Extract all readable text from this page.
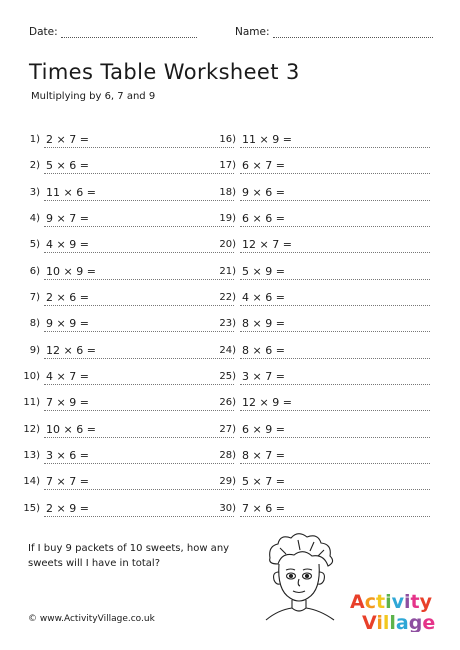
Date:	Name:
Times Table Worksheet 3
Multiplying by 6, 7 and 9
1) 2 × 7 =
2) 5 × 6 =
3) 11 × 6 =
4) 9 × 7 =
5) 4 × 9 =
6) 10 × 9 =
7) 2 × 6 =
8) 9 × 9 =
9) 12 × 6 =
10) 4 × 7 =
11) 7 × 9 =
12) 10 × 6 =
13) 3 × 6 =
14) 7 × 7 =
15) 2 × 9 =
16) 11 × 9 =
17) 6 × 7 =
18) 9 × 6 =
19) 6 × 6 =
20) 12 × 7 =
21) 5 × 9 =
22) 4 × 6 =
23) 8 × 9 =
24) 8 × 6 =
25) 3 × 7 =
26) 12 × 9 =
27) 6 × 9 =
28) 8 × 7 =
29) 5 × 7 =
30) 7 × 6 =
If I buy 9 packets of 10 sweets, how any sweets will I have in total?
Activity
Village
© www.ActivityVillage.co.uk
